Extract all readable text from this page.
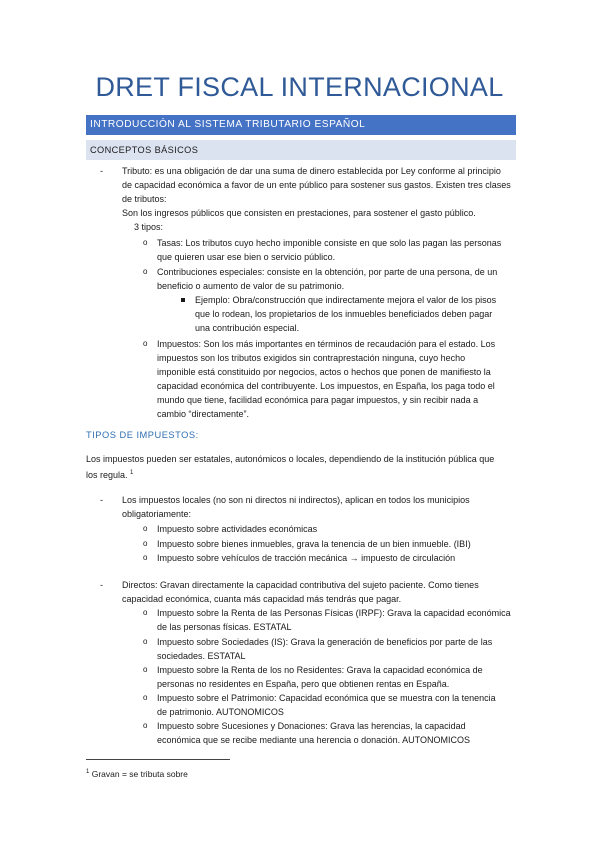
DRET FISCAL INTERNACIONAL
INTRODUCCIÓN AL SISTEMA TRIBUTARIO ESPAÑOL
CONCEPTOS BÁSICOS
- Tributo: es una obligación de dar una suma de dinero establecida por Ley conforme al principio
de capacidad económica a favor de un ente público para sostener sus gastos. Existen tres clases
de tributos:
Son los ingresos públicos que consisten en prestaciones, para sostener el gasto público.
3 tipos:
o Tasas: Los tributos cuyo hecho imponible consiste en que solo las pagan las personas
que quieren usar ese bien o servicio público.
o Contribuciones especiales: consiste en la obtención, por parte de una persona, de un
beneficio o aumento de valor de su patrimonio.
Ejemplo: Obra/construcción que indirectamente mejora el valor de los pisos
que lo rodean, los propietarios de los inmuebles beneficiados deben pagar
una contribución especial.
o Impuestos: Son los más importantes en términos de recaudación para el estado. Los
impuestos son los tributos exigidos sin contraprestación ninguna, cuyo hecho
imponible está constituido por negocios, actos o hechos que ponen de manifiesto la
capacidad económica del contribuyente. Los impuestos, en España, los paga todo el
mundo que tiene, facilidad económica para pagar impuestos, y sin recibir nada a
cambio “directamente”.
TIPOS DE IMPUESTOS:
Los impuestos pueden ser estatales, autonómicos o locales, dependiendo de la institución pública que
los regula. $^1$
- Los impuestos locales (no son ni directos ni indirectos), aplican en todos los municipios
obligatoriamente:
o Impuesto sobre actividades económicas
o Impuesto sobre bienes inmuebles, grava la tenencia de un bien inmueble. (IBI)
o Impuesto sobre vehículos de tracción mecánica → impuesto de circulación
- Directos: Gravan directamente la capacidad contributiva del sujeto paciente. Como tienes
capacidad económica, cuanta más capacidad más tendrás que pagar.
o Impuesto sobre la Renta de las Personas Físicas (IRPF): Grava la capacidad económica
de las personas físicas. ESTATAL
o Impuesto sobre Sociedades (IS): Grava la generación de beneficios por parte de las
sociedades. ESTATAL
o Impuesto sobre la Renta de los no Residentes: Grava la capacidad económica de
personas no residentes en España, pero que obtienen rentas en España.
o Impuesto sobre el Patrimonio: Capacidad económica que se muestra con la tenencia
de patrimonio. AUTONOMICOS
o Impuesto sobre Sucesiones y Donaciones: Grava las herencias, la capacidad
económica que se recibe mediante una herencia o donación. AUTONOMICOS
$^1$ Gravan = se tributa sobre
